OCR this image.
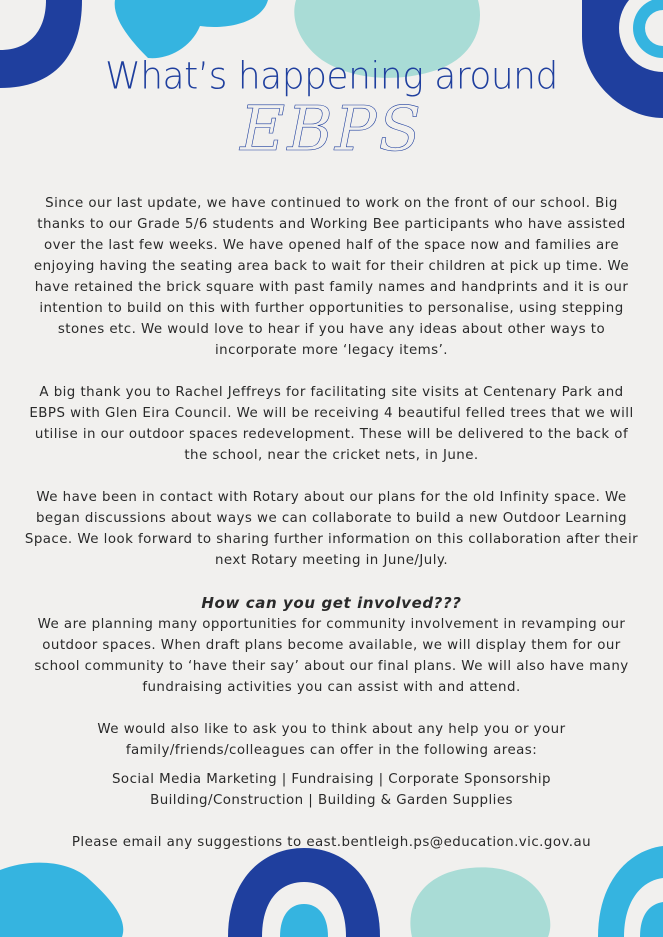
What’s happening around
EBPS

Since our last update, we have continued to work on the front of our school. Big thanks to our Grade 5/6 students and Working Bee participants who have assisted over the last few weeks. We have opened half of the space now and families are enjoying having the seating area back to wait for their children at pick up time. We have retained the brick square with past family names and handprints and it is our intention to build on this with further opportunities to personalise, using stepping stones etc. We would love to hear if you have any ideas about other ways to incorporate more ‘legacy items’.

A big thank you to Rachel Jeffreys for facilitating site visits at Centenary Park and EBPS with Glen Eira Council. We will be receiving 4 beautiful felled trees that we will utilise in our outdoor spaces redevelopment. These will be delivered to the back of the school, near the cricket nets, in June.

We have been in contact with Rotary about our plans for the old Infinity space. We began discussions about ways we can collaborate to build a new Outdoor Learning Space. We look forward to sharing further information on this collaboration after their next Rotary meeting in June/July.

How can you get involved???

We are planning many opportunities for community involvement in revamping our outdoor spaces. When draft plans become available, we will display them for our school community to ‘have their say’ about our final plans. We will also have many fundraising activities you can assist with and attend.

We would also like to ask you to think about any help you or your family/friends/colleagues can offer in the following areas:

Social Media Marketing | Fundraising | Corporate Sponsorship
Building/Construction | Building & Garden Supplies

Please email any suggestions to east.bentleigh.ps@education.vic.gov.au
